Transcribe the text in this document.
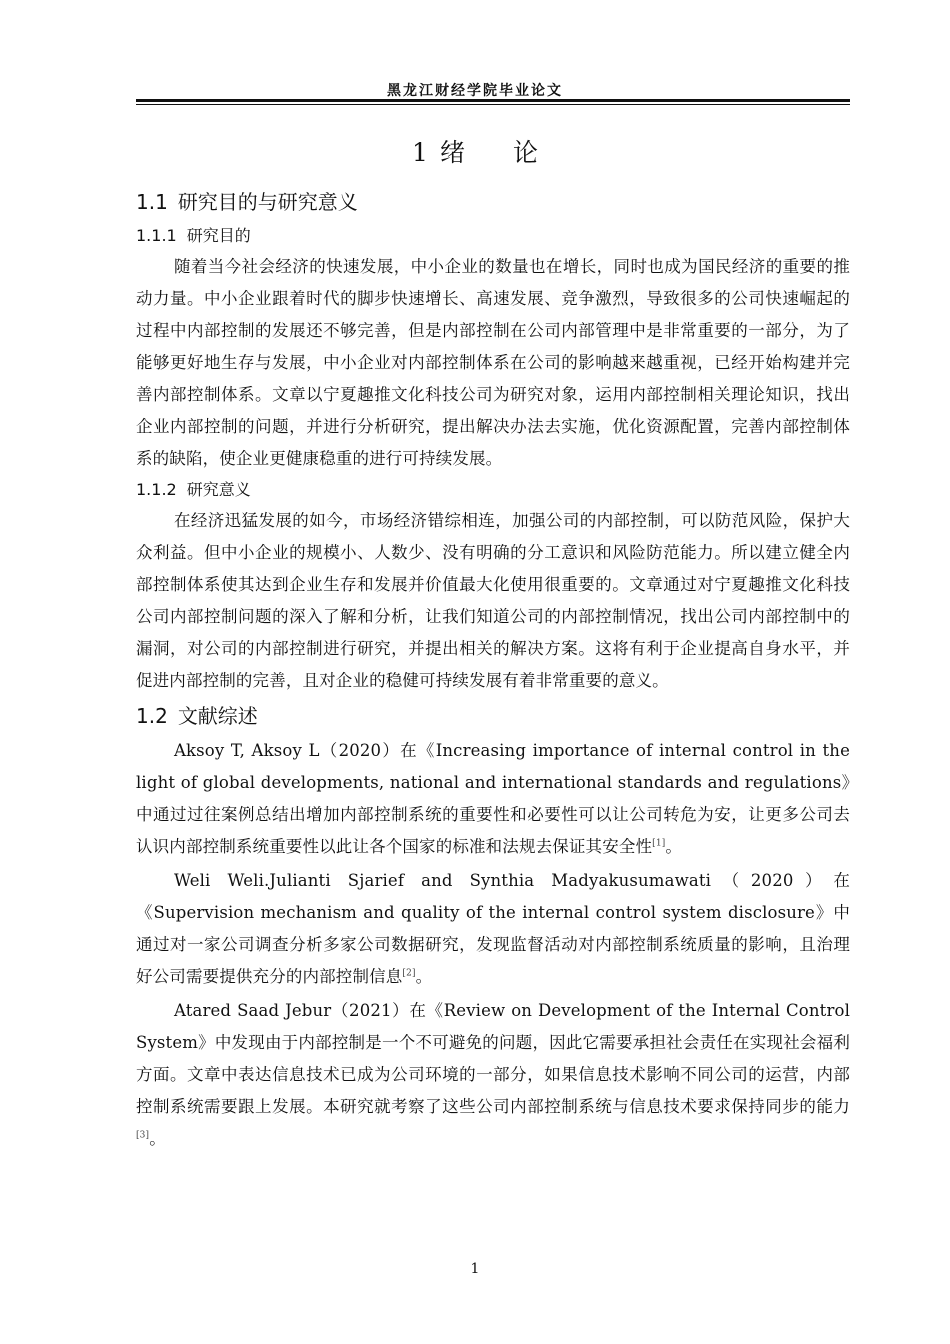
黑龙江财经学院毕业论文
1 绪 论
1.1 研究目的与研究意义
1.1.1 研究目的

随着当今社会经济的快速发展，中小企业的数量也在增长，同时也成为国民经济的重要的推动力量。中小企业跟着时代的脚步快速增长、高速发展、竞争激烈，导致很多的公司快速崛起的过程中内部控制的发展还不够完善，但是内部控制在公司内部管理中是非常重要的一部分，为了能够更好地生存与发展，中小企业对内部控制体系在公司的影响越来越重视，已经开始构建并完善内部控制体系。文章以宁夏趣推文化科技公司为研究对象，运用内部控制相关理论知识，找出企业内部控制的问题，并进行分析研究，提出解决办法去实施，优化资源配置，完善内部控制体系的缺陷，使企业更健康稳重的进行可持续发展。

1.1.2 研究意义

在经济迅猛发展的如今，市场经济错综相连，加强公司的内部控制，可以防范风险，保护大众利益。但中小企业的规模小、人数少、没有明确的分工意识和风险防范能力。所以建立健全内部控制体系使其达到企业生存和发展并价值最大化使用很重要的。文章通过对宁夏趣推文化科技公司内部控制问题的深入了解和分析，让我们知道公司的内部控制情况，找出公司内部控制中的漏洞，对公司的内部控制进行研究，并提出相关的解决方案。这将有利于企业提高自身水平，并促进内部控制的完善，且对企业的稳健可持续发展有着非常重要的意义。

1.2 文献综述

Aksoy T, Aksoy L（2020）在《Increasing importance of internal control in the light of global developments, national and international standards and regulations》中通过过往案例总结出增加内部控制系统的重要性和必要性可以让公司转危为安，让更多公司去认识内部控制系统重要性以此让各个国家的标准和法规去保证其安全性[1]。

Weli Weli.Julianti Sjarief and Synthia Madyakusumawati（2020）在《Supervision mechanism and quality of the internal control system disclosure》中通过对一家公司调查分析多家公司数据研究，发现监督活动对内部控制系统质量的影响，且治理好公司需要提供充分的内部控制信息[2]。

Atared Saad Jebur（2021）在《Review on Development of the Internal Control System》中发现由于内部控制是一个不可避免的问题，因此它需要承担社会责任在实现社会福利方面。文章中表达信息技术已成为公司环境的一部分，如果信息技术影响不同公司的运营，内部控制系统需要跟上发展。本研究就考察了这些公司内部控制系统与信息技术要求保持同步的能力[3]。

1
